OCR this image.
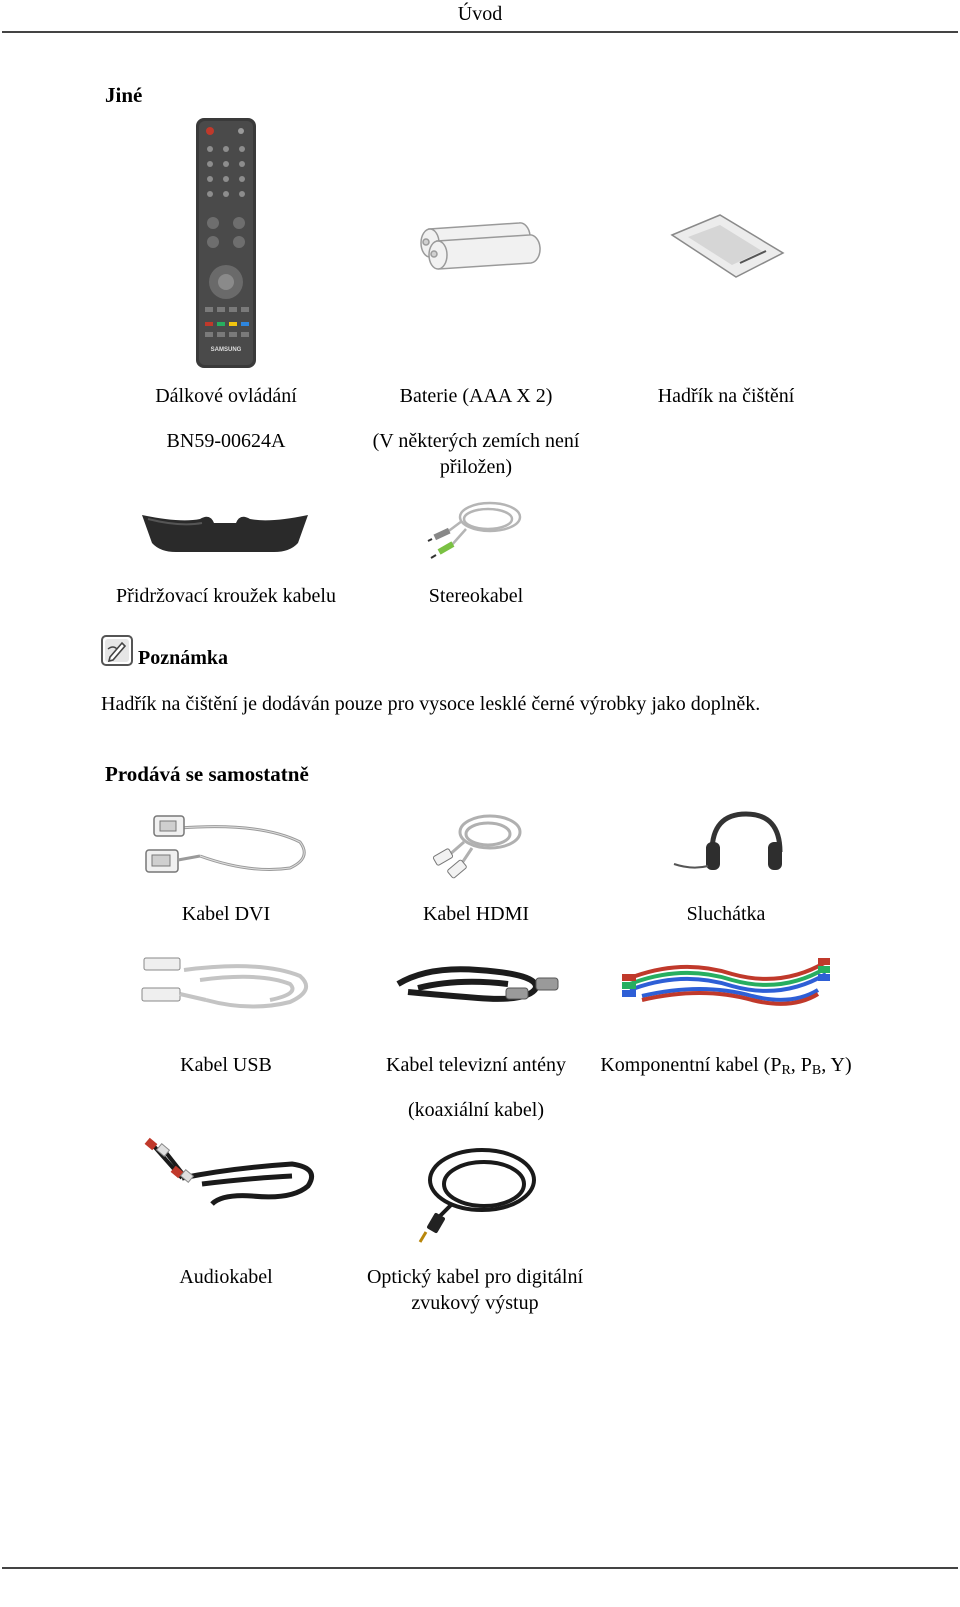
Úvod
Jiné
SAMSUNG
Dálkové ovládání
BN59-00624A
Baterie (AAA X 2)
(V některých zemích není přiložen)
Hadřík na čištění
Přidržovací kroužek kabelu	Stereokabel
Poznámka
Hadřík na čištění je dodáván pouze pro vysoce lesklé černé výrobky jako doplněk.
Prodává se samostatně
Kabel DVI	Kabel HDMI	Sluchátka
Kabel USB	Kabel televizní antény
(koaxiální kabel)
Komponentní kabel ($P_R$, $P_B$, Y)
Audiokabel	Optický kabel pro digitální zvukový výstup
